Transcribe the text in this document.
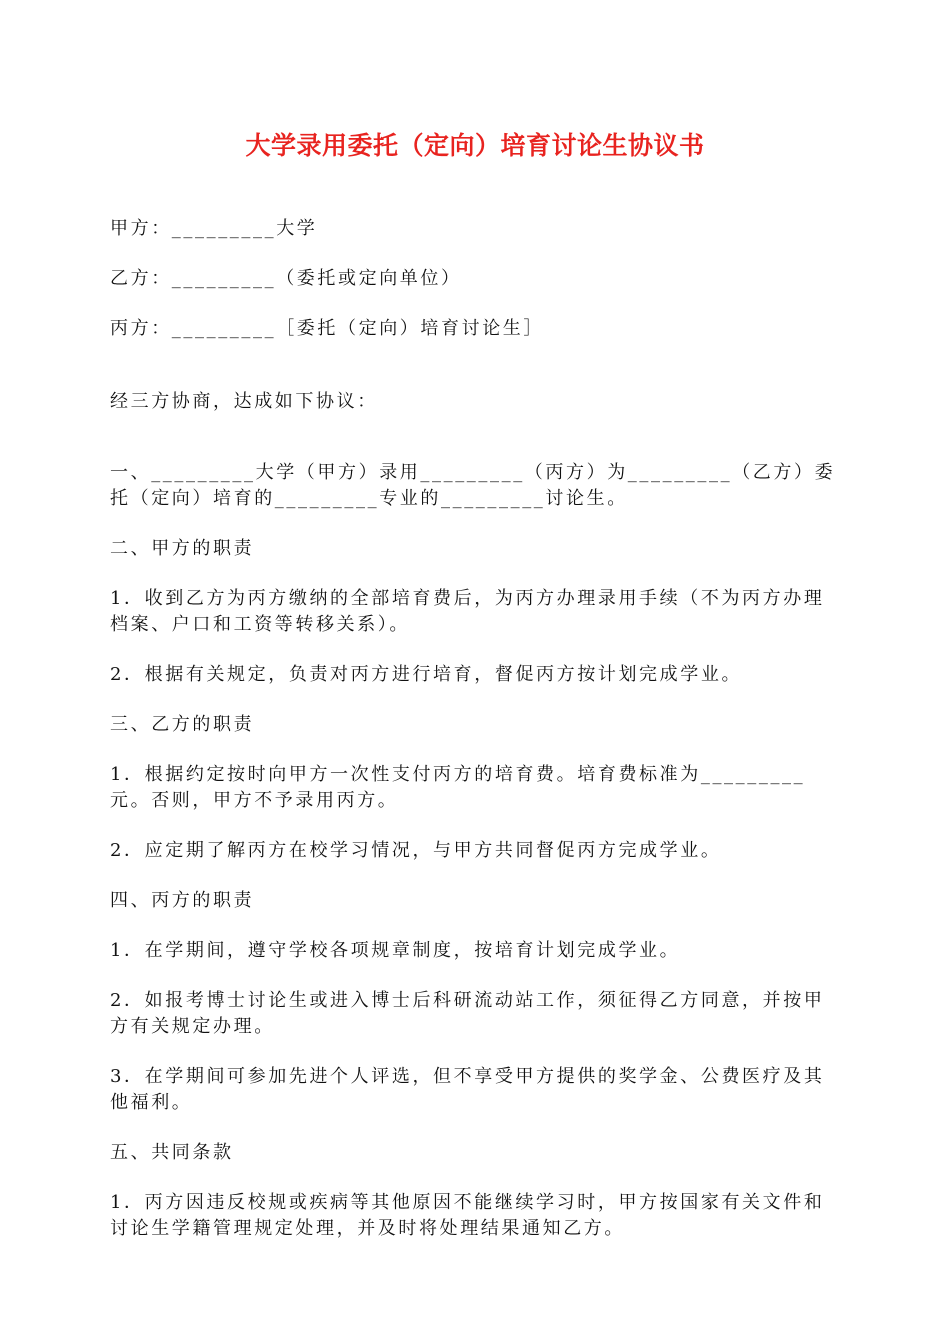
大学录用委托（定向）培育讨论生协议书

甲方：_________大学

乙方：_________（委托或定向单位）

丙方：_________［委托（定向）培育讨论生］

经三方协商，达成如下协议：

一、_________大学（甲方）录用_________（丙方）为_________（乙方）委托（定向）培育的_________专业的_________讨论生。

二、甲方的职责

1．收到乙方为丙方缴纳的全部培育费后，为丙方办理录用手续（不为丙方办理档案、户口和工资等转移关系）。

2．根据有关规定，负责对丙方进行培育，督促丙方按计划完成学业。

三、乙方的职责

1．根据约定按时向甲方一次性支付丙方的培育费。培育费标准为_________元。否则，甲方不予录用丙方。

2．应定期了解丙方在校学习情况，与甲方共同督促丙方完成学业。

四、丙方的职责

1．在学期间，遵守学校各项规章制度，按培育计划完成学业。

2．如报考博士讨论生或进入博士后科研流动站工作，须征得乙方同意，并按甲方有关规定办理。

3．在学期间可参加先进个人评选，但不享受甲方提供的奖学金、公费医疗及其他福利。

五、共同条款

1．丙方因违反校规或疾病等其他原因不能继续学习时，甲方按国家有关文件和讨论生学籍管理规定处理，并及时将处理结果通知乙方。
